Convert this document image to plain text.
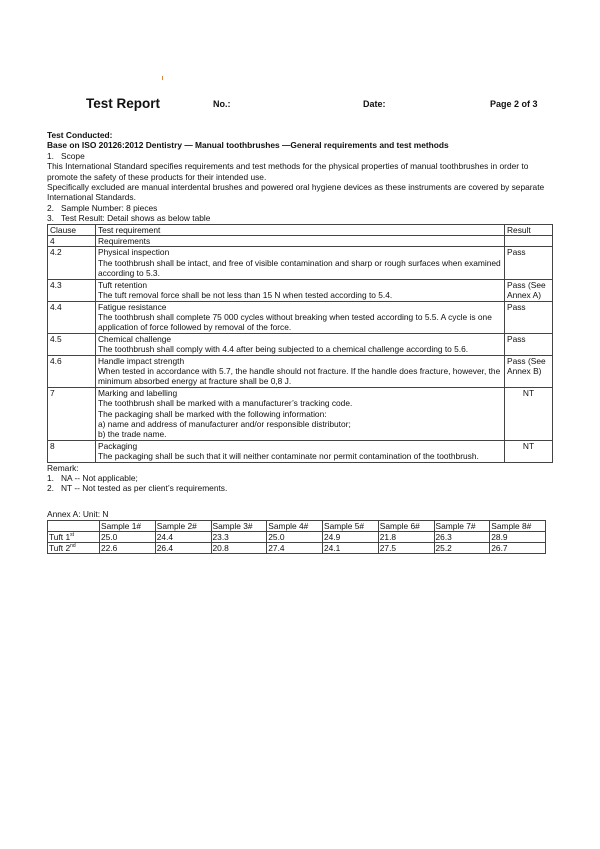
Test Report	No.:	Date:	Page 2 of 3

Test Conducted:

Base on ISO 20126:2012 Dentistry — Manual toothbrushes —General requirements and test methods

1. Scope

This International Standard specifies requirements and test methods for the physical properties of manual toothbrushes in order to promote the safety of these products for their intended use.

Specifically excluded are manual interdental brushes and powered oral hygiene devices as these instruments are covered by separate International Standards.

2. Sample Number: 8 pieces

3. Test Result: Detail shows as below table

Clause	Test requirement	Result
4	Requirements	
4.2	Physical inspection
The toothbrush shall be intact, and free of visible contamination and sharp or rough surfaces when examined according to 5.3.	Pass
4.3	Tuft retention
The tuft removal force shall be not less than 15 N when tested according to 5.4.	Pass (See Annex A)
4.4	Fatigue resistance
The toothbrush shall complete 75 000 cycles without breaking when tested according to 5.5. A cycle is one application of force followed by removal of the force.	Pass
4.5	Chemical challenge
The toothbrush shall comply with 4.4 after being subjected to a chemical challenge according to 5.6.	Pass
4.6	Handle impact strength
When tested in accordance with 5.7, the handle should not fracture. If the handle does fracture, however, the minimum absorbed energy at fracture shall be 0,8 J.	Pass (See Annex B)
7	Marking and labelling
The toothbrush shall be marked with a manufacturer’s tracking code.
The packaging shall be marked with the following information:
a) name and address of manufacturer and/or responsible distributor;
b) the trade name.	NT
8	Packaging
The packaging shall be such that it will neither contaminate nor permit contamination of the toothbrush.	NT

Remark:

1. NA -- Not applicable;

2. NT -- Not tested as per client’s requirements.

Annex A: Unit: N

	Sample 1#	Sample 2#	Sample 3#	Sample 4#	Sample 5#	Sample 6#	Sample 7#	Sample 8#
Tuft 1st	25.0	24.4	23.3	25.0	24.9	21.8	26.3	28.9
Tuft 2nd	22.6	26.4	20.8	27.4	24.1	27.5	25.2	26.7
